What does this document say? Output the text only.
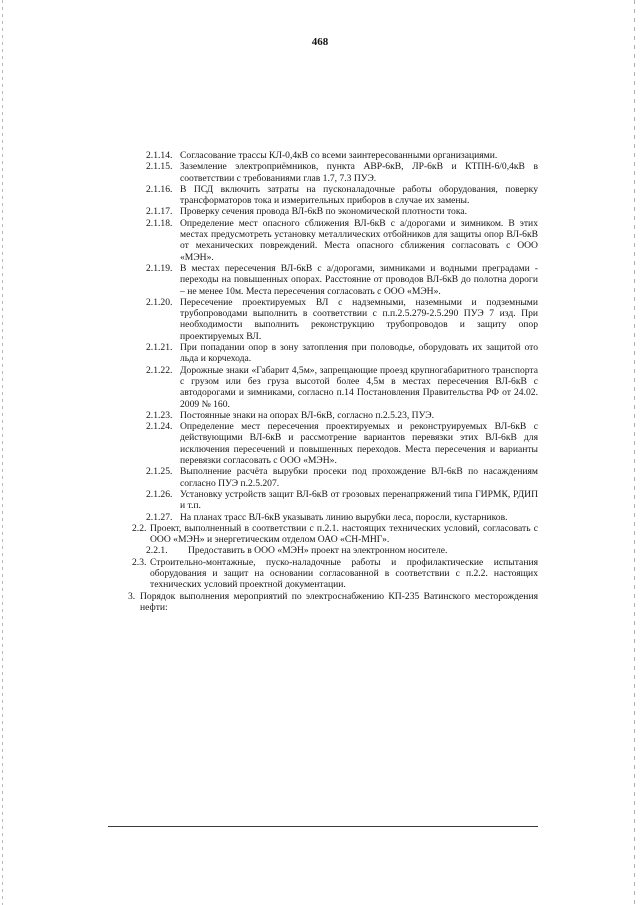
468
2.1.14. Согласование трассы КЛ-0,4кВ со всеми заинтересованными организациями.
2.1.15. Заземление электроприёмников, пункта АВР-6кВ, ЛР-6кВ и КТПН-6/0,4кВ в соответствии с требованиями глав 1.7, 7.3 ПУЭ.
2.1.16. В ПСД включить затраты на пусконаладочные работы оборудования, поверку трансформаторов тока и измерительных приборов в случае их замены.
2.1.17. Проверку сечения провода ВЛ-6кВ по экономической плотности тока.
2.1.18. Определение мест опасного сближения ВЛ-6кВ с а/дорогами и зимником. В этих местах предусмотреть установку металлических отбойников для защиты опор ВЛ-6кВ от механических повреждений. Места опасного сближения согласовать с ООО «МЭН».
2.1.19. В местах пересечения ВЛ-6кВ с а/дорогами, зимниками и водными преградами - переходы на повышенных опорах. Расстояние от проводов ВЛ-6кВ до полотна дороги – не менее 10м. Места пересечения согласовать с ООО «МЭН».
2.1.20. Пересечение проектируемых ВЛ с надземными, наземными и подземными трубопроводами выполнить в соответствии с п.п.2.5.279-2.5.290 ПУЭ 7 изд. При необходимости выполнить реконструкцию трубопроводов и защиту опор проектируемых ВЛ.
2.1.21. При попадании опор в зону затопления при половодье, оборудовать их защитой ото льда и корчехода.
2.1.22. Дорожные знаки «Габарит 4,5м», запрещающие проезд крупногабаритного транспорта с грузом или без груза высотой более 4,5м в местах пересечения ВЛ-6кВ с автодорогами и зимниками, согласно п.14 Постановления Правительства РФ от 24.02. 2009 № 160.
2.1.23. Постоянные знаки на опорах ВЛ-6кВ, согласно п.2.5.23, ПУЭ.
2.1.24. Определение мест пересечения проектируемых и реконструируемых ВЛ-6кВ с действующими ВЛ-6кВ и рассмотрение вариантов перевязки этих ВЛ-6кВ для исключения пересечений и повышенных переходов. Места пересечения и варианты перевязки согласовать с ООО «МЭН».
2.1.25. Выполнение расчёта вырубки просеки под прохождение ВЛ-6кВ по насаждениям согласно ПУЭ п.2.5.207.
2.1.26. Установку устройств защит ВЛ-6кВ от грозовых перенапряжений типа ГИРМК, РДИП и т.п.
2.1.27. На планах трасс ВЛ-6кВ указывать линию вырубки леса, поросли, кустарников.
2.2. Проект, выполненный в соответствии с п.2.1. настоящих технических условий, согласовать с ООО «МЭН» и энергетическим отделом ОАО «СН-МНГ».
2.2.1.	Предоставить в ООО «МЭН» проект на электронном носителе.
2.3. Строительно-монтажные, пуско-наладочные работы и профилактические испытания оборудования и защит на основании согласованной в соответствии с п.2.2. настоящих технических условий проектной документации.
3. Порядок выполнения мероприятий по электроснабжению КП-235 Ватинского месторождения нефти:
